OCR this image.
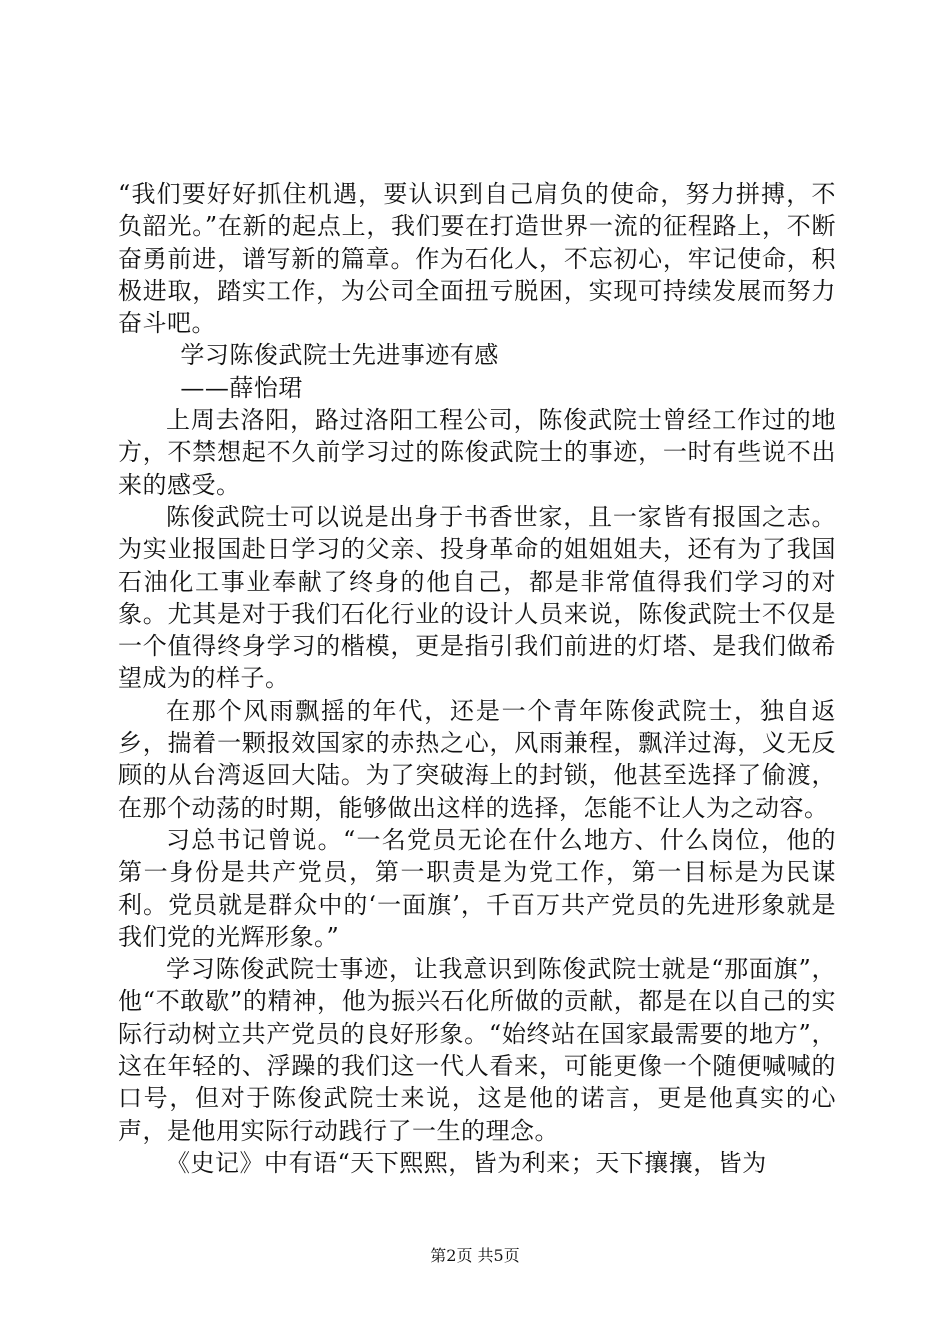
“我们要好好抓住机遇，要认识到自己肩负的使命，努力拼搏，不负韶光。”在新的起点上，我们要在打造世界一流的征程路上，不断奋勇前进，谱写新的篇章。作为石化人，不忘初心，牢记使命，积极进取，踏实工作，为公司全面扭亏脱困，实现可持续发展而努力奋斗吧。

学习陈俊武院士先进事迹有感

——薛怡珺

上周去洛阳，路过洛阳工程公司，陈俊武院士曾经工作过的地方，不禁想起不久前学习过的陈俊武院士的事迹，一时有些说不出来的感受。

陈俊武院士可以说是出身于书香世家，且一家皆有报国之志。为实业报国赴日学习的父亲、投身革命的姐姐姐夫，还有为了我国石油化工事业奉献了终身的他自己，都是非常值得我们学习的对象。尤其是对于我们石化行业的设计人员来说，陈俊武院士不仅是一个值得终身学习的楷模，更是指引我们前进的灯塔、是我们做希望成为的样子。

在那个风雨飘摇的年代，还是一个青年陈俊武院士，独自返乡，揣着一颗报效国家的赤热之心，风雨兼程，飘洋过海，义无反顾的从台湾返回大陆。为了突破海上的封锁，他甚至选择了偷渡，在那个动荡的时期，能够做出这样的选择，怎能不让人为之动容。

习总书记曾说。“一名党员无论在什么地方、什么岗位，他的第一身份是共产党员，第一职责是为党工作，第一目标是为民谋利。党员就是群众中的‘一面旗’，千百万共产党员的先进形象就是我们党的光辉形象。”

学习陈俊武院士事迹，让我意识到陈俊武院士就是“那面旗”，他“不敢歇”的精神，他为振兴石化所做的贡献，都是在以自己的实际行动树立共产党员的良好形象。“始终站在国家最需要的地方”，这在年轻的、浮躁的我们这一代人看来，可能更像一个随便喊喊的口号，但对于陈俊武院士来说，这是他的诺言，更是他真实的心声，是他用实际行动践行了一生的理念。

《史记》中有语“天下熙熙，皆为利来；天下攘攘，皆为

第2页 共5页
